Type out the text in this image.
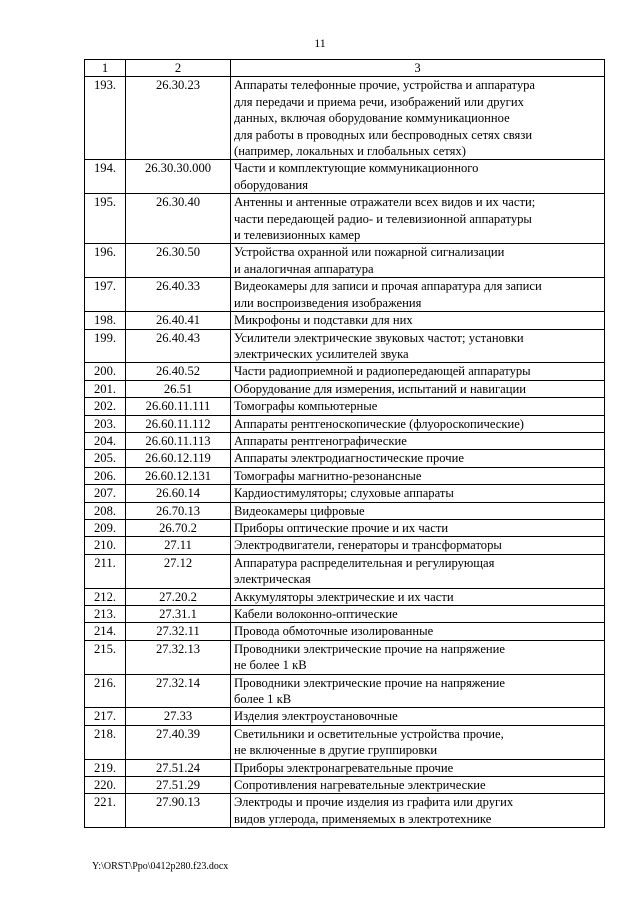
11
1	2	3
193.	26.30.23	Аппараты телефонные прочие, устройства и аппаратура
для передачи и приема речи, изображений или других
данных, включая оборудование коммуникационное
для работы в проводных или беспроводных сетях связи
(например, локальных и глобальных сетях)

194.	26.30.30.000	Части и комплектующие коммуникационного
оборудования

195.	26.30.40	Антенны и антенные отражатели всех видов и их части;
части передающей радио- и телевизионной аппаратуры
и телевизионных камер

196.	26.30.50	Устройства охранной или пожарной сигнализации
и аналогичная аппаратура

197.	26.40.33	Видеокамеры для записи и прочая аппаратура для записи
или воспроизведения изображения

198.	26.40.41	Микрофоны и подставки для них

199.	26.40.43	Усилители электрические звуковых частот; установки
электрических усилителей звука

200.	26.40.52	Части радиоприемной и радиопередающей аппаратуры

201.	26.51	Оборудование для измерения, испытаний и навигации

202.	26.60.11.111	Томографы компьютерные

203.	26.60.11.112	Аппараты рентгеноскопические (флуороскопические)

204.	26.60.11.113	Аппараты рентгенографические

205.	26.60.12.119	Аппараты электродиагностические прочие

206.	26.60.12.131	Томографы магнитно-резонансные

207.	26.60.14	Кардиостимуляторы; слуховые аппараты

208.	26.70.13	Видеокамеры цифровые

209.	26.70.2	Приборы оптические прочие и их части

210.	27.11	Электродвигатели, генераторы и трансформаторы

211.	27.12	Аппаратура распределительная и регулирующая
электрическая

212.	27.20.2	Аккумуляторы электрические и их части

213.	27.31.1	Кабели волоконно-оптические

214.	27.32.11	Провода обмоточные изолированные

215.	27.32.13	Проводники электрические прочие на напряжение
не более 1 кВ

216.	27.32.14	Проводники электрические прочие на напряжение
более 1 кВ

217.	27.33	Изделия электроустановочные

218.	27.40.39	Светильники и осветительные устройства прочие,
не включенные в другие группировки

219.	27.51.24	Приборы электронагревательные прочие

220.	27.51.29	Сопротивления нагревательные электрические

221.	27.90.13	Электроды и прочие изделия из графита или других
видов углерода, применяемых в электротехнике
Y:\ORST\Ppo\0412p280.f23.docx
